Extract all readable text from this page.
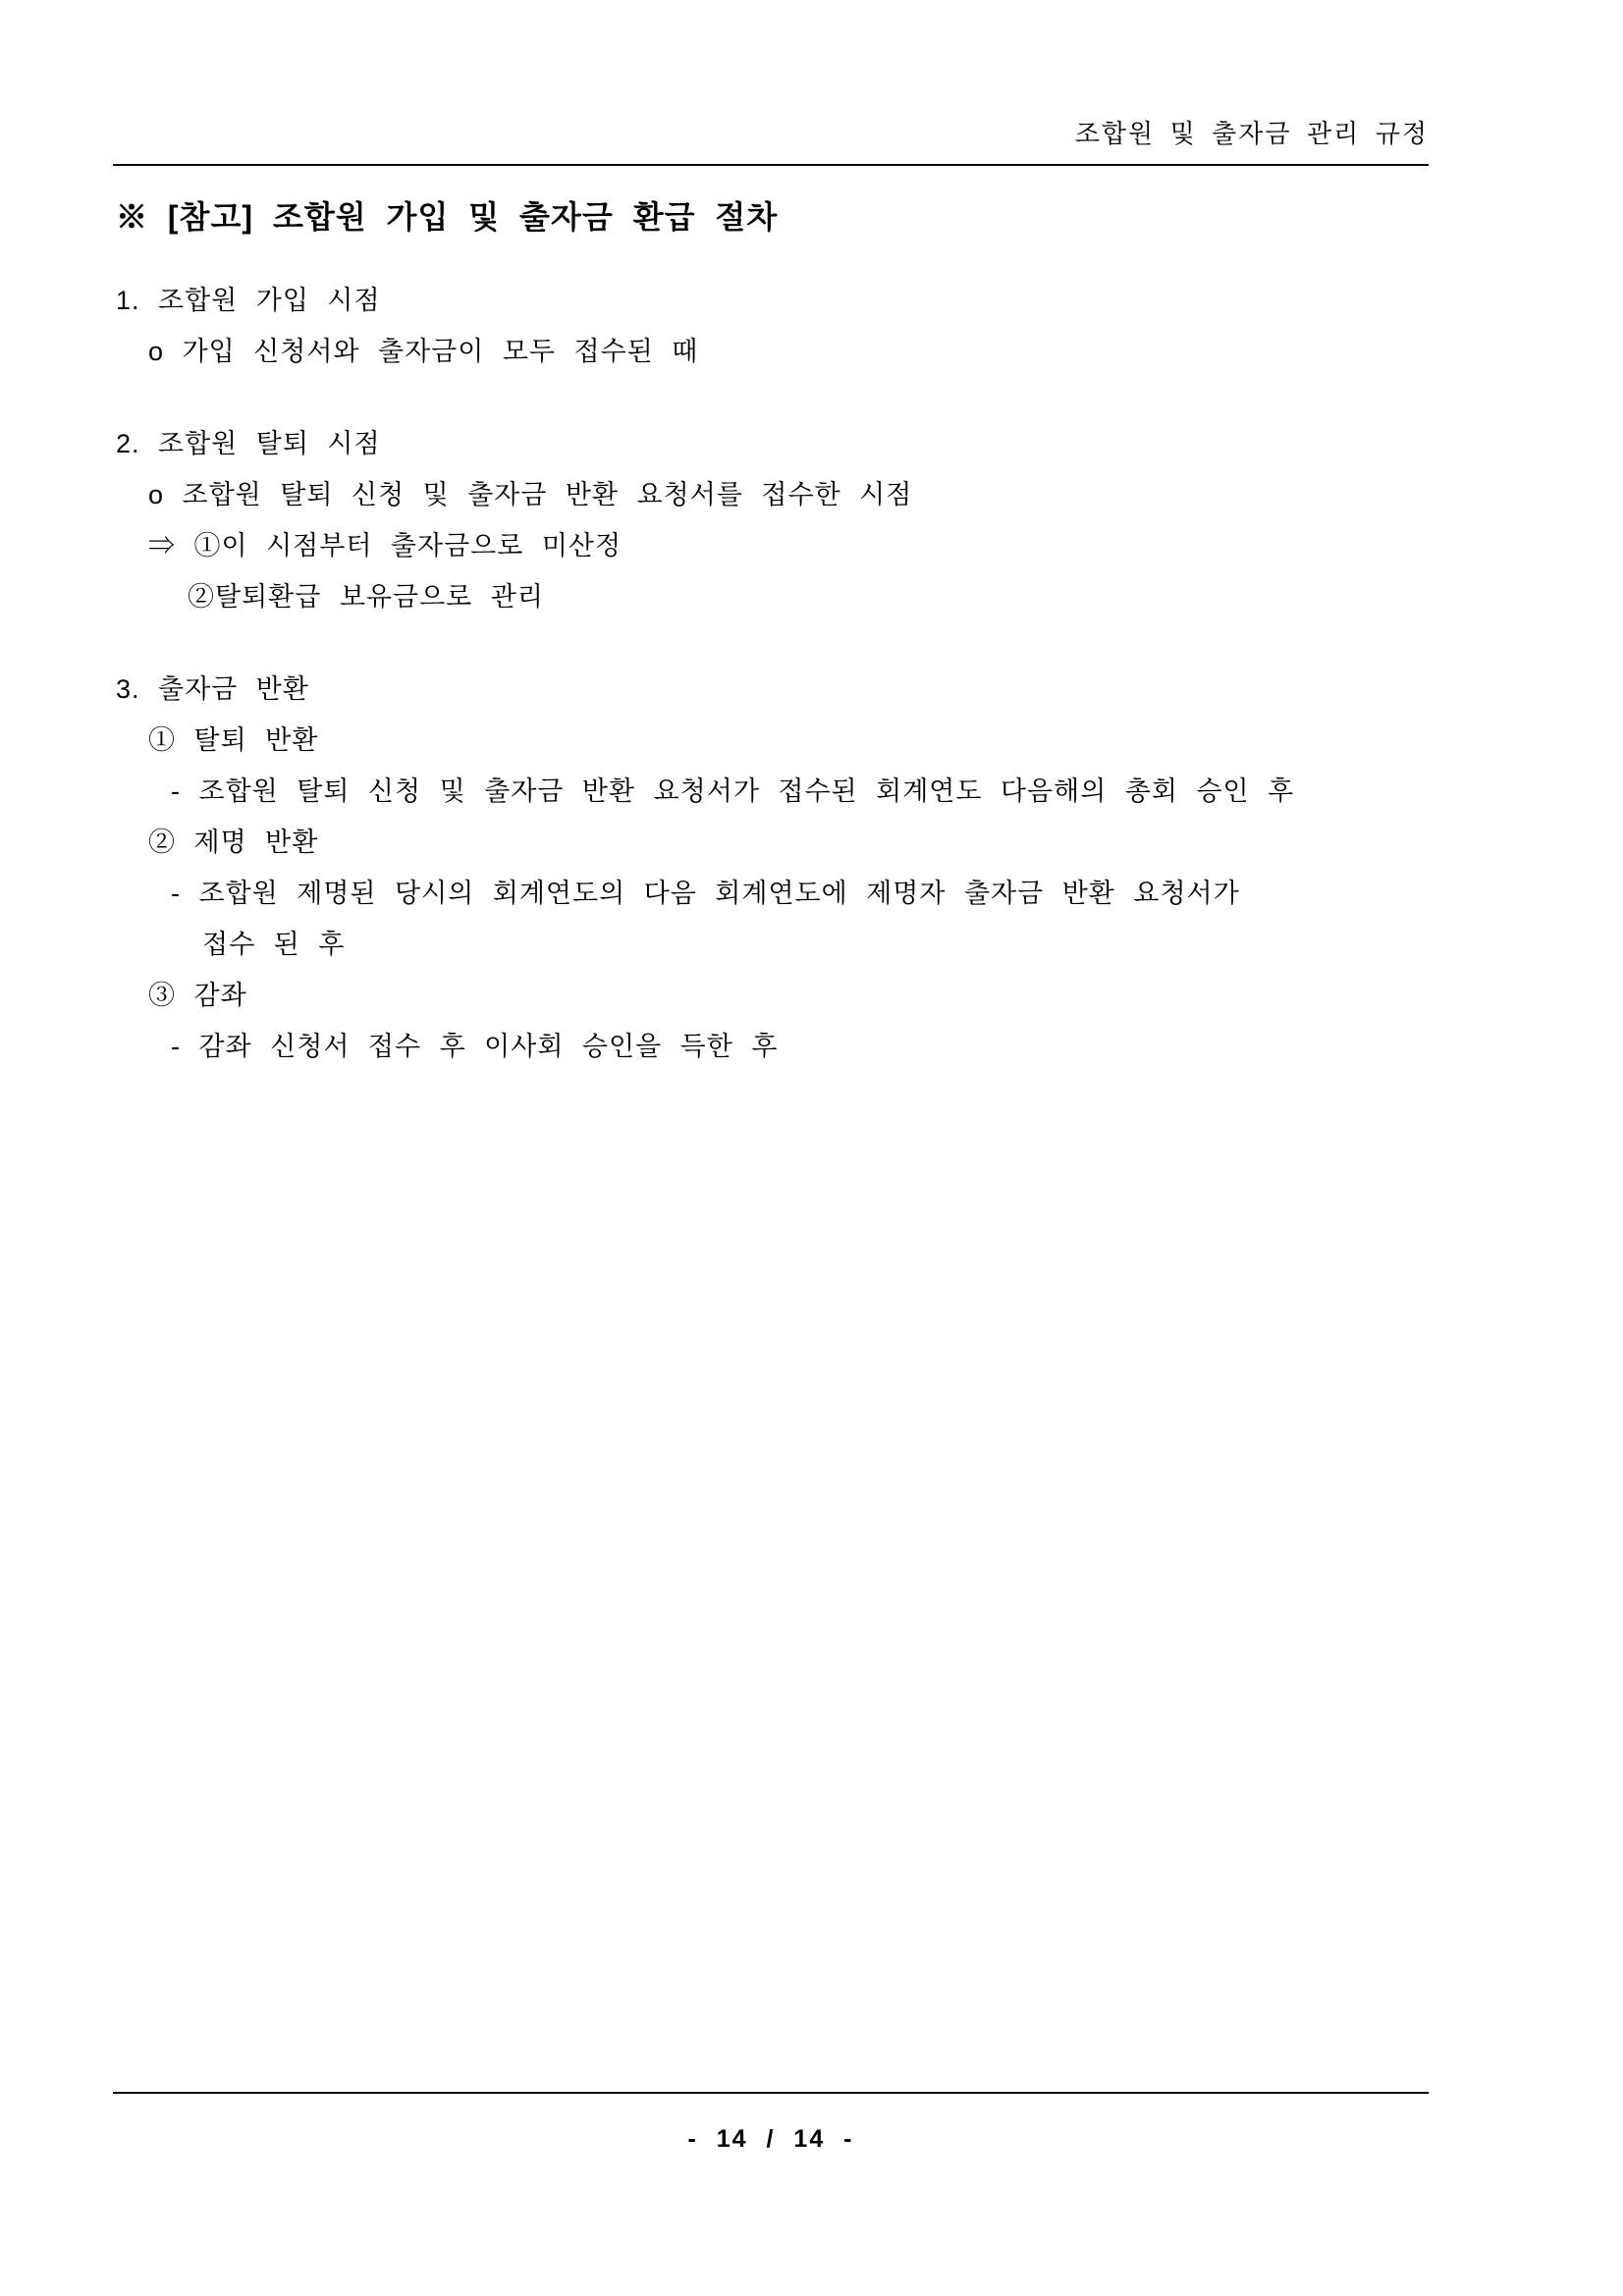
조합원 및 출자금 관리 규정
※ [참고] 조합원 가입 및 출자금 환급 절차
1. 조합원 가입 시점
o 가입 신청서와 출자금이 모두 접수된 때
2. 조합원 탈퇴 시점
o 조합원 탈퇴 신청 및 출자금 반환 요청서를 접수한 시점
⇒ ①이 시점부터 출자금으로 미산정
②탈퇴환급 보유금으로 관리
3. 출자금 반환
① 탈퇴 반환
- 조합원 탈퇴 신청 및 출자금 반환 요청서가 접수된 회계연도 다음해의 총회 승인 후
② 제명 반환
- 조합원 제명된 당시의 회계연도의 다음 회계연도에 제명자 출자금 반환 요청서가
접수 된 후
③ 감좌
- 감좌 신청서 접수 후 이사회 승인을 득한 후
- 14 / 14 -
